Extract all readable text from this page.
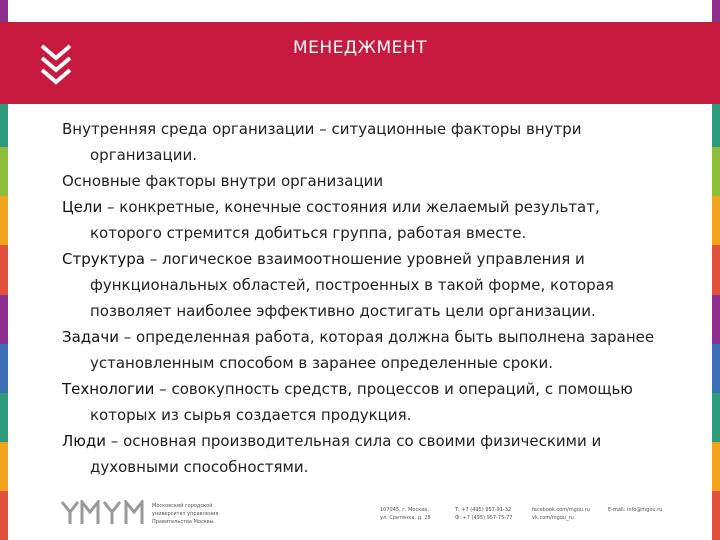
МЕНЕДЖМЕНТ

Внутренняя среда организации – ситуационные факторы внутри организации.

Основные факторы внутри организации

Цели – конкретные, конечные состояния или желаемый результат, которого стремится добиться группа, работая вместе.

Структура – логическое взаимоотношение уровней управления и функциональных областей, построенных в такой форме, которая позволяет наиболее эффективно достигать цели организации.

Задачи – определенная работа, которая должна быть выполнена заранее установленным способом в заранее определенные сроки.

Технологии – совокупность средств, процессов и операций, с помощью которых из сырья создается продукция.

Люди – основная производительная сила со своими физическими и духовными способностями.

Московский городской
университет управления
Правительства Москвы
107045, г. Москва,
ул. Сретенка, д. 28
Т: +7 (495) 957-91-32
Ф: +7 (495) 957-75-77
facebook.com/mgou.ru
vk.com/mgou_ru
E-mail: info@mgou.ru
